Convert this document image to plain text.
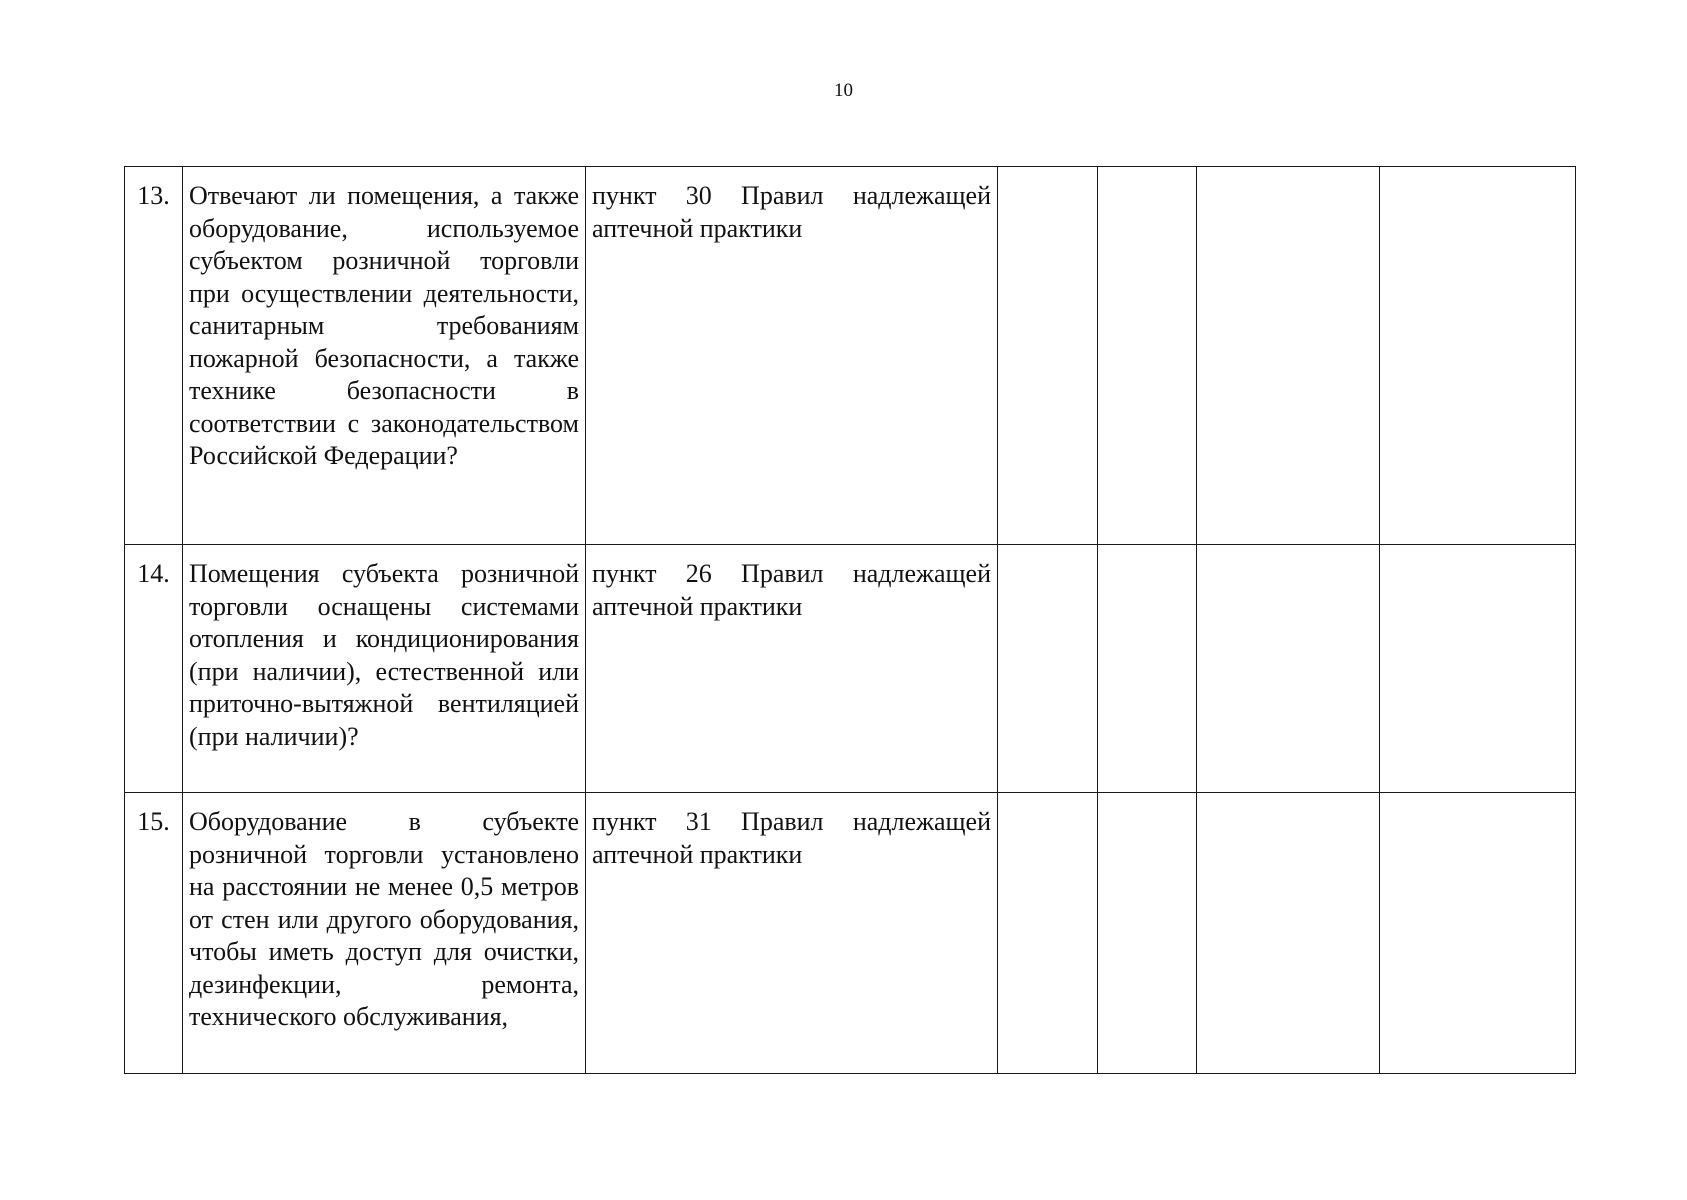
10
13.	Отвечают ли помещения, а также оборудование, используемое субъектом розничной торговли при осуществлении деятельности, санитарным требованиям пожарной безопасности, а также технике безопасности в соответствии с законодательством Российской Федерации?	пункт 30 Правил надлежащей аптечной практики				
14.	Помещения субъекта розничной торговли оснащены системами отопления и кондиционирования (при наличии), естественной или приточно-вытяжной вентиляцией (при наличии)?	пункт 26 Правил надлежащей аптечной практики				
15.	Оборудование в субъекте розничной торговли установлено на расстоянии не менее 0,5 метров от стен или другого оборудования, чтобы иметь доступ для очистки, дезинфекции, ремонта, технического обслуживания,	пункт 31 Правил надлежащей аптечной практики				
